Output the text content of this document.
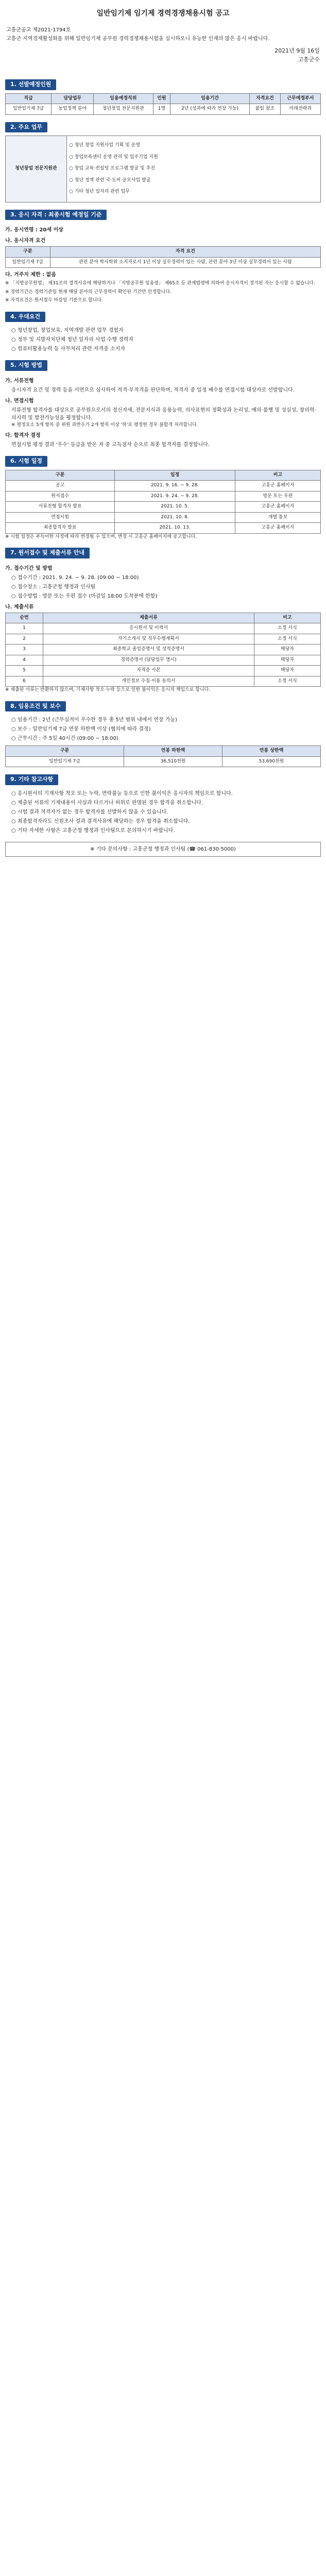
일반임기제 임기제 경력경쟁채용시험 공고

고흥군공고 제2021-1794호

고흥군 지역경제활성화를 위해 일반임기제 공무원 경력경쟁채용시험을 실시하오니 유능한 인재의 많은 응시 바랍니다.

2021년 9월 16일
고흥군수
1. 선발예정인원
직급	담당업무	임용예정직위	인원	임용기간	자격요건	근무예정부서
일반임기제 7급	농업정책 분야	청년창업 전문지원관	1명	2년 (성과에 따라 연장 가능)	붙임 참조	미래전략과
2. 주요 업무
청년창업 전문지원관	

○ 청년 창업 지원사업 기획 및 운영

○ 창업보육센터 운영 관리 및 입주기업 지원

○ 창업 교육·컨설팅 프로그램 발굴 및 추진

○ 청년 정책 관련 국·도비 공모사업 발굴

○ 기타 청년 일자리 관련 업무

3. 응시 자격 : 최종시험 예정일 기준
가. 응시연령 : 20세 이상
나. 응시자격 요건
구분	자격 요건
일반임기제 7급	관련 분야 학사학위 소지자로서 1년 이상 실무경력이 있는 사람, 관련 분야 3년 이상 실무경력이 있는 사람
다. 거주지 제한 : 없음

※ 「지방공무원법」 제31조의 결격사유에 해당하거나 「지방공무원 임용령」 제65조 등 관계법령에 의하여 응시자격이 정지된 자는 응시할 수 없습니다.

※ 경력기간은 경력기준일 현재 해당 분야의 근무경력이 확인된 기간만 인정합니다.

※ 자격요건은 원서접수 마감일 기준으로 합니다.

4. 우대요건

○ 청년창업, 창업보육, 지역개발 관련 업무 경험자

○ 정부 및 지방자치단체 청년 일자리 사업 수행 경력자

○ 컴퓨터활용능력 등 사무처리 관련 자격증 소지자

5. 시험 방법
가. 서류전형
응시자격 요건 및 경력 등을 서면으로 심사하여 적격·부적격을 판단하며, 적격자 중 일정 배수를 면접시험 대상자로 선발합니다.
나. 면접시험
서류전형 합격자를 대상으로 공무원으로서의 정신자세, 전문지식과 응용능력, 의사표현의 정확성과 논리성, 예의·품행 및 성실성, 창의력·의지력 및 발전가능성을 평정합니다.
※ 평정요소 5개 항목 중 위원 과반수가 2개 항목 이상 '하'로 평정한 경우 불합격 처리합니다.
다. 합격자 결정
면접시험 평정 결과 '우수' 등급을 받은 자 중 고득점자 순으로 최종 합격자를 결정합니다.
6. 시험 일정
구분	일정	비고
공고	2021. 9. 16. ~ 9. 28.	고흥군 홈페이지
원서접수	2021. 9. 24. ~ 9. 28.	방문 또는 우편
서류전형 합격자 발표	2021. 10. 5.	고흥군 홈페이지
면접시험	2021. 10. 8.	개별 통보
최종합격자 발표	2021. 10. 13.	고흥군 홈페이지
※ 시험 일정은 부득이한 사정에 따라 변경될 수 있으며, 변경 시 고흥군 홈페이지에 공고합니다.
7. 원서접수 및 제출서류 안내
가. 접수기간 및 방법

○ 접수기간 : 2021. 9. 24. ~ 9. 28. (09:00 ~ 18:00)

○ 접수장소 : 고흥군청 행정과 인사팀

○ 접수방법 : 방문 또는 우편 접수 (마감일 18:00 도착분에 한함)

나. 제출서류
순번	제출서류	비고
1	응시원서 및 이력서	소정 서식
2	자기소개서 및 직무수행계획서	소정 서식
3	최종학교 졸업증명서 및 성적증명서	해당자
4	경력증명서 (담당업무 명시)	해당자
5	자격증 사본	해당자
6	개인정보 수집·이용 동의서	소정 서식
※ 제출된 서류는 반환하지 않으며, 기재사항 착오·누락 등으로 인한 불이익은 응시자 책임으로 합니다.
8. 임용조건 및 보수

○ 임용기간 : 2년 (근무실적이 우수한 경우 총 5년 범위 내에서 연장 가능)

○ 보수 : 일반임기제 7급 연봉 하한액 이상 (협의에 따라 결정)

○ 근무시간 : 주 5일 40시간 (09:00 ~ 18:00)

구분	연봉 하한액	연봉 상한액
일반임기제 7급	36,510천원	53,690천원
9. 기타 참고사항

○ 응시원서의 기재사항 착오 또는 누락, 연락불능 등으로 인한 불이익은 응시자의 책임으로 합니다.

○ 제출된 서류의 기재내용이 사실과 다르거나 허위로 판명된 경우 합격을 취소합니다.

○ 시험 결과 적격자가 없는 경우 합격자를 선발하지 않을 수 있습니다.

○ 최종합격자라도 신원조사 결과 결격사유에 해당하는 경우 합격을 취소합니다.

○ 기타 자세한 사항은 고흥군청 행정과 인사팀으로 문의하시기 바랍니다.

※ 기타 문의사항 : 고흥군청 행정과 인사팀 (☎ 061-830-5000)
